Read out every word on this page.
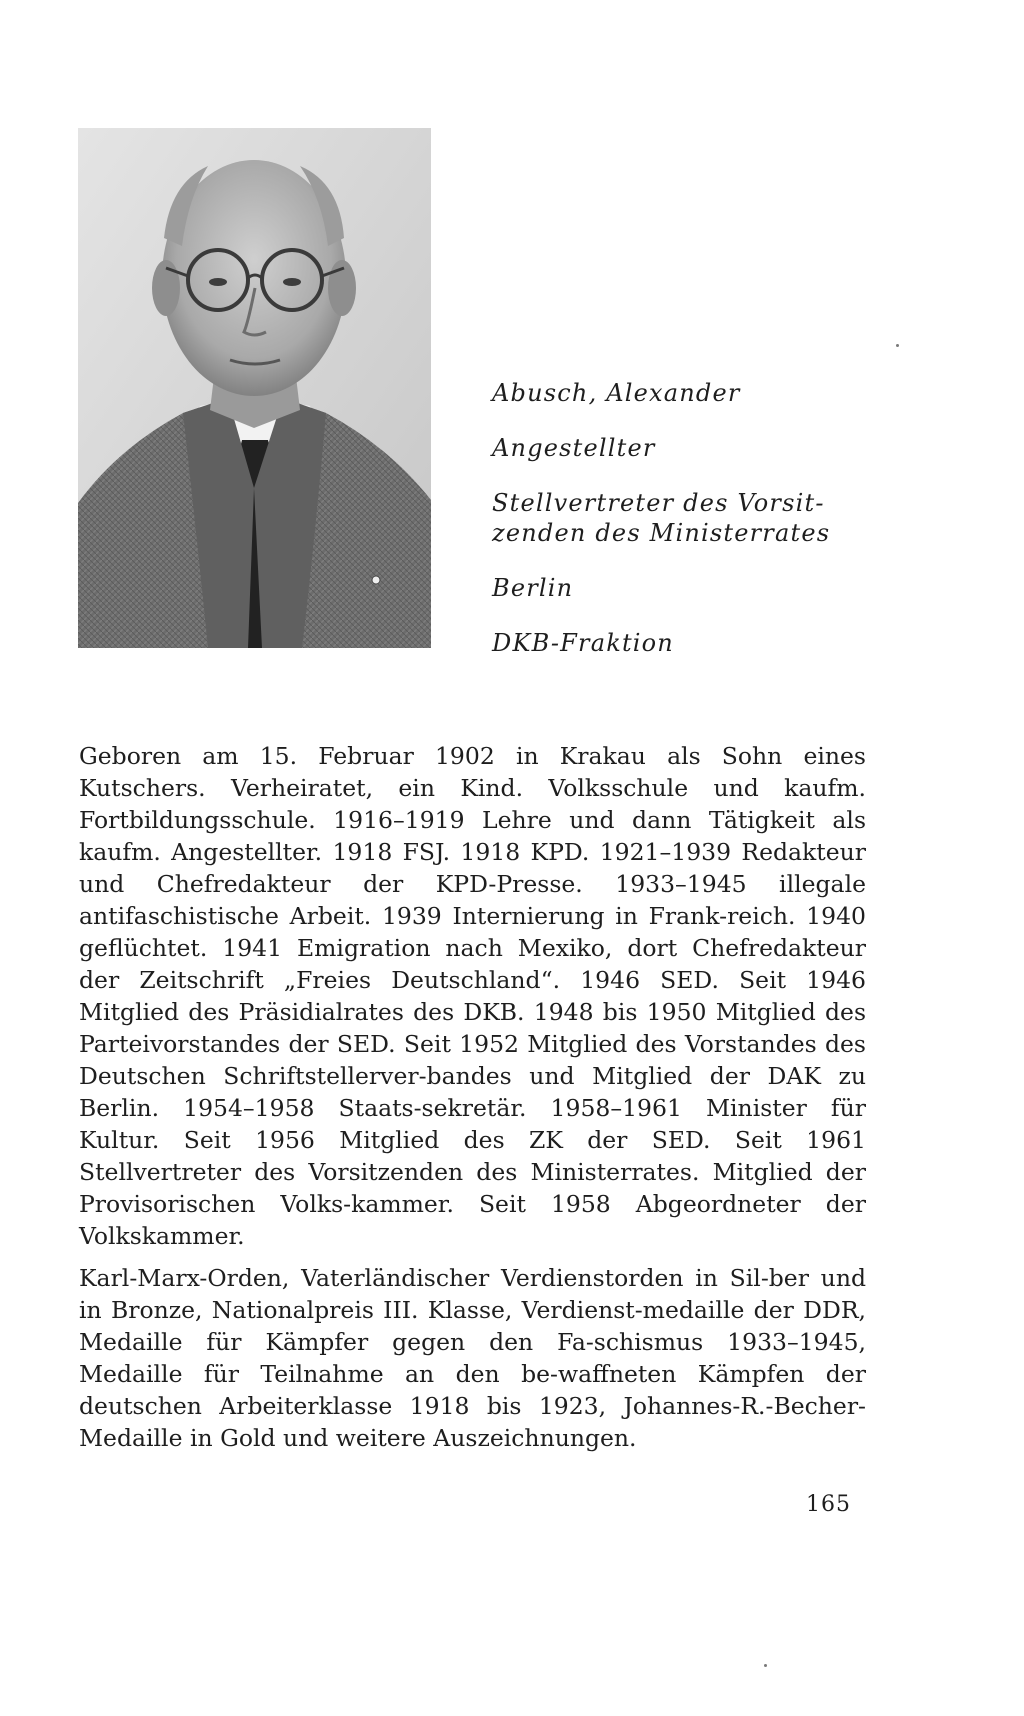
Abusch, Alexander
Angestellter
Stellvertreter des Vorsit-
zenden des Ministerrates
Berlin
DKB-Fraktion

Geboren am 15. Februar 1902 in Krakau als Sohn eines Kutschers. Verheiratet, ein Kind. Volksschule und kaufm. Fortbildungsschule. 1916–1919 Lehre und dann Tätigkeit als kaufm. Angestellter. 1918 FSJ. 1918 KPD. 1921–1939 Redakteur und Chefredakteur der KPD-Presse. 1933–1945 illegale antifaschistische Arbeit. 1939 Internierung in Frank-reich. 1940 geflüchtet. 1941 Emigration nach Mexiko, dort Chefredakteur der Zeitschrift „Freies Deutschland“. 1946 SED. Seit 1946 Mitglied des Präsidialrates des DKB. 1948 bis 1950 Mitglied des Parteivorstandes der SED. Seit 1952 Mitglied des Vorstandes des Deutschen Schriftstellerver-bandes und Mitglied der DAK zu Berlin. 1954–1958 Staats-sekretär. 1958–1961 Minister für Kultur. Seit 1956 Mitglied des ZK der SED. Seit 1961 Stellvertreter des Vorsitzenden des Ministerrates. Mitglied der Provisorischen Volks-kammer. Seit 1958 Abgeordneter der Volkskammer.

Karl-Marx-Orden, Vaterländischer Verdienstorden in Sil-ber und in Bronze, Nationalpreis III. Klasse, Verdienst-medaille der DDR, Medaille für Kämpfer gegen den Fa-schismus 1933–1945, Medaille für Teilnahme an den be-waffneten Kämpfen der deutschen Arbeiterklasse 1918 bis 1923, Johannes-R.-Becher-Medaille in Gold und weitere Auszeichnungen.

165
